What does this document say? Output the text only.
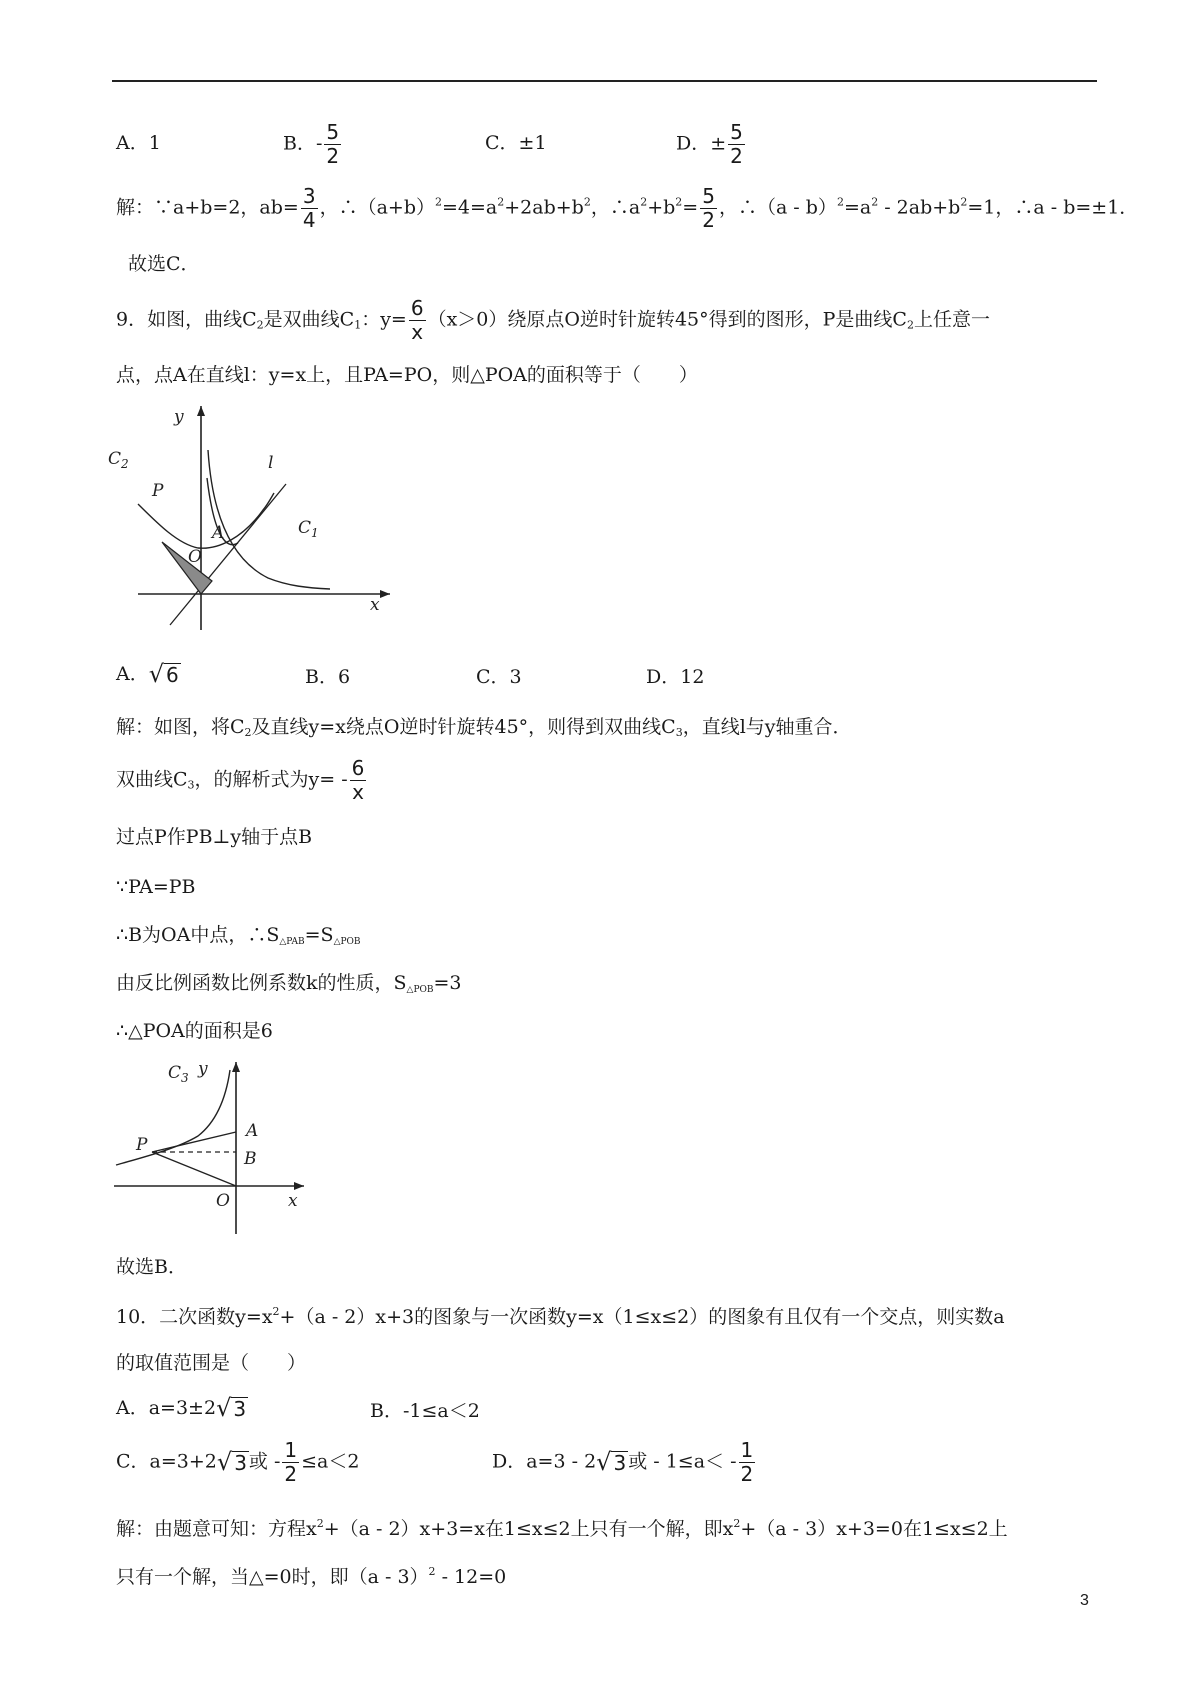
A．1	B．- $\frac{5}{2}$	C．±1	D．± $\frac{5}{2}$
解：∵a+b=2，$ab= \frac{3}{4}$ ，$\therefore(a+b)^2=4=a^2+2ab+b^2$，$\therefore a^2+b^2= \frac{5}{2}$ ，∴（a - $b)^2=a^2 - 2ab+b^2=1$，∴a - b=±1．
故选C．
9．如图，曲线$C_2$是双曲线$C_1$：$y= \frac{6}{x} (x>0)$绕原点O逆时针旋转45°得到的图形，P是曲线$C_2$上任意一
点，点A在直线l：y=x上，且PA=PO，则△POA的面积等于（　　）
y
$C_2$
P
l
A
O
$C_1$
x
A． √ 6	B．6	C．3	D．12
解：如图，将$C_2$及直线y=x绕点O逆时针旋转45°，则得到双曲线$C_3$，直线l与y轴重合．
双曲线$C_3$，的解析式为$y= - \frac{6}{x}$
过点P作PB⊥y轴于点B
∵PA=PB
∴B为OA中点，∴S△PAB=S△POB
由反比例函数比例系数k的性质，S△POB=3
∴△POA的面积是6
$C_3$ y
A
P
B
O	x
故选B．
10．二次函数$y=x^2+(a - 2)x+3$的图象与一次函数y=x（1≤x≤2）的图象有且仅有一个交点，则实数a
的取值范围是（　　）
A．a=3±2 √ 3	B．-1≤a＜2
C．a=3+2 √ 3 或 - $\frac{1}{2} \le a<2$	D．a=3 - 2 √ 3 或 - $1\le a< - \frac{1}{2}$
解：由题意可知：方程$x^2+(a - 2)x+3=x$在1≤x≤2上只有一个解，即$x^2+(a - 3)x+3=0$在1≤x≤2上
只有一个解，当△=0时，即（a - 3）$^2$ - 12=0
3
